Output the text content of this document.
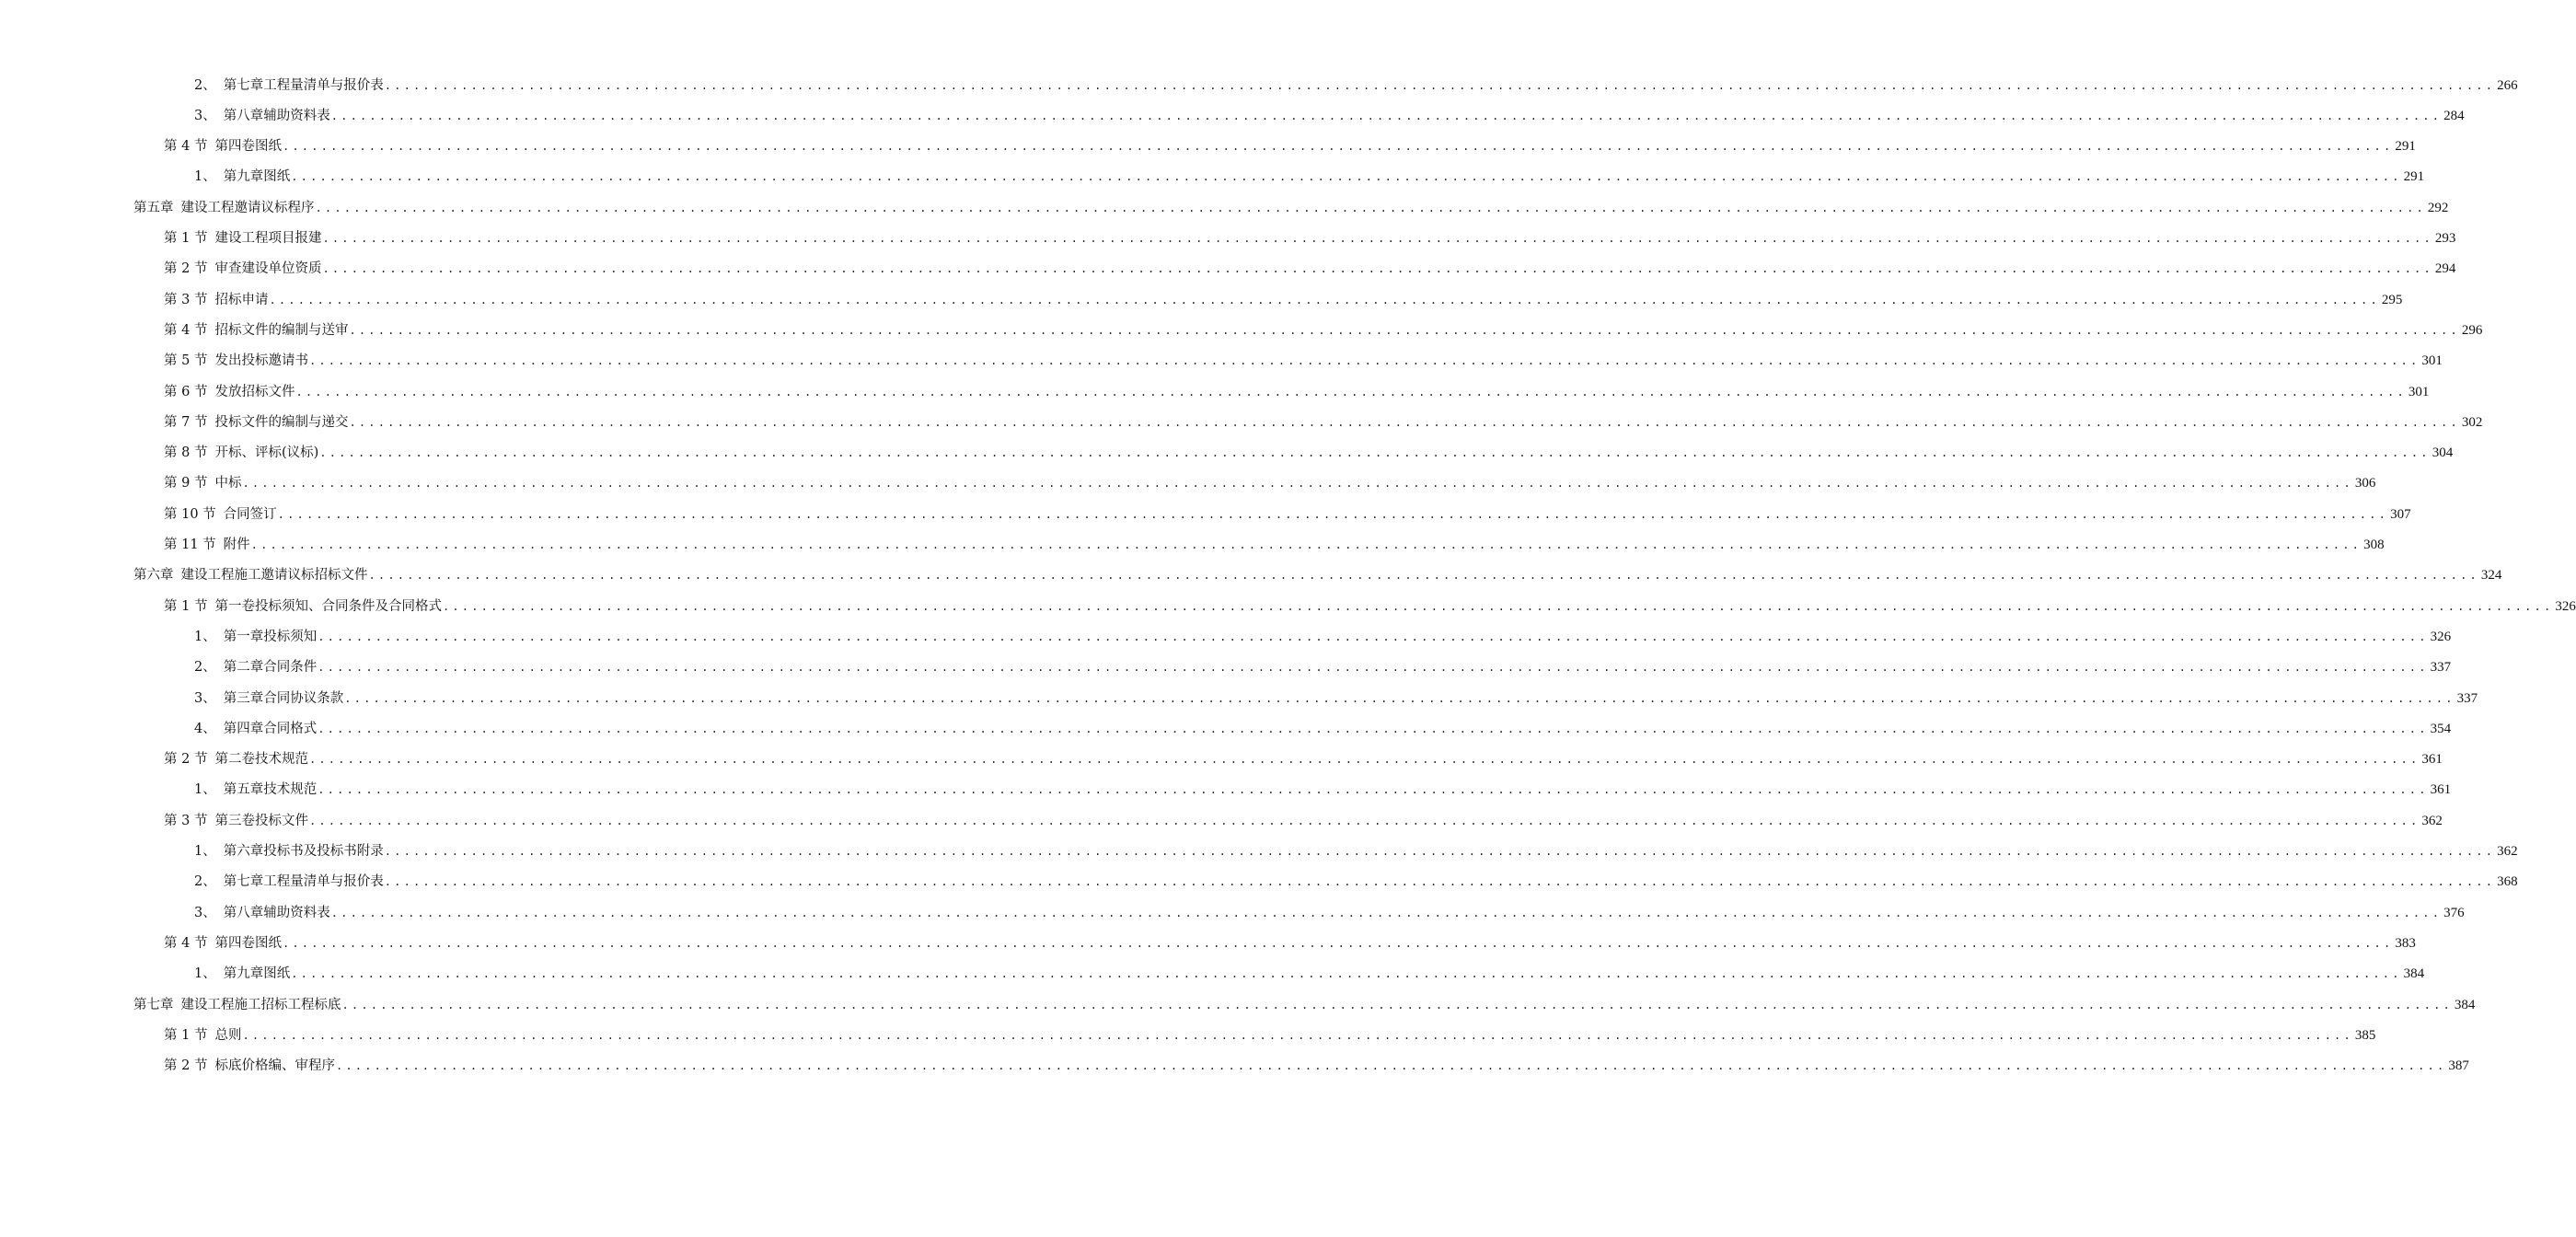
2、 第七章工程量清单与报价表 ............................................................................................................................................................................................................................ 266
3、 第八章辅助资料表 ............................................................................................................................................................................................................................ 284
第 4 节 第四卷图纸 ............................................................................................................................................................................................................................ 291
1、 第九章图纸 ............................................................................................................................................................................................................................ 291
第五章 建设工程邀请议标程序 ............................................................................................................................................................................................................................ 292
第 1 节 建设工程项目报建 ............................................................................................................................................................................................................................ 293
第 2 节 审查建设单位资质 ............................................................................................................................................................................................................................ 294
第 3 节 招标申请 ............................................................................................................................................................................................................................ 295
第 4 节 招标文件的编制与送审 ............................................................................................................................................................................................................................ 296
第 5 节 发出投标邀请书 ............................................................................................................................................................................................................................ 301
第 6 节 发放招标文件 ............................................................................................................................................................................................................................ 301
第 7 节 投标文件的编制与递交 ............................................................................................................................................................................................................................ 302
第 8 节 开标、评标(议标) ............................................................................................................................................................................................................................ 304
第 9 节 中标 ............................................................................................................................................................................................................................ 306
第 10 节 合同签订 ............................................................................................................................................................................................................................ 307
第 11 节 附件 ............................................................................................................................................................................................................................ 308
第六章 建设工程施工邀请议标招标文件 ............................................................................................................................................................................................................................ 324
第 1 节 第一卷投标须知、合同条件及合同格式 ............................................................................................................................................................................................................................ 326
1、 第一章投标须知 ............................................................................................................................................................................................................................ 326
2、 第二章合同条件 ............................................................................................................................................................................................................................ 337
3、 第三章合同协议条款 ............................................................................................................................................................................................................................ 337
4、 第四章合同格式 ............................................................................................................................................................................................................................ 354
第 2 节 第二卷技术规范 ............................................................................................................................................................................................................................ 361
1、 第五章技术规范 ............................................................................................................................................................................................................................ 361
第 3 节 第三卷投标文件 ............................................................................................................................................................................................................................ 362
1、 第六章投标书及投标书附录 ............................................................................................................................................................................................................................ 362
2、 第七章工程量清单与报价表 ............................................................................................................................................................................................................................ 368
3、 第八章辅助资料表 ............................................................................................................................................................................................................................ 376
第 4 节 第四卷图纸 ............................................................................................................................................................................................................................ 383
1、 第九章图纸 ............................................................................................................................................................................................................................ 384
第七章 建设工程施工招标工程标底 ............................................................................................................................................................................................................................ 384
第 1 节 总则 ............................................................................................................................................................................................................................ 385
第 2 节 标底价格编、审程序 ............................................................................................................................................................................................................................ 387
